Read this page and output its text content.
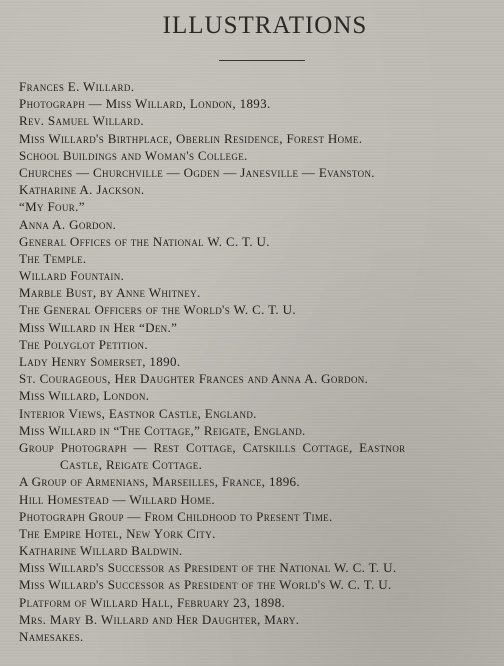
ILLUSTRATIONS
Frances E. Willard.
Photograph — Miss Willard, London, 1893.
Rev. Samuel Willard.
Miss Willard's Birthplace, Oberlin Residence, Forest Home.
School Buildings and Woman's College.
Churches — Churchville — Ogden — Janesville — Evanston.
Katharine A. Jackson.
“My Four.”
Anna A. Gordon.
General Offices of the National W. C. T. U.
The Temple.
Willard Fountain.
Marble Bust, by Anne Whitney.
The General Officers of the World's W. C. T. U.
Miss Willard in Her “Den.”
The Polyglot Petition.
Lady Henry Somerset, 1890.
St. Courageous, Her Daughter Frances and Anna A. Gordon.
Miss Willard, London.
Interior Views, Eastnor Castle, England.
Miss Willard in “The Cottage,” Reigate, England.
Group Photograph — Rest Cottage, Catskills Cottage, Eastnor
Castle, Reigate Cottage.
A Group of Armenians, Marseilles, France, 1896.
Hill Homestead — Willard Home.
Photograph Group — From Childhood to Present Time.
The Empire Hotel, New York City.
Katharine Willard Baldwin.
Miss Willard's Successor as President of the National W. C. T. U.
Miss Willard's Successor as President of the World's W. C. T. U.
Platform of Willard Hall, February 23, 1898.
Mrs. Mary B. Willard and Her Daughter, Mary.
Namesakes.
